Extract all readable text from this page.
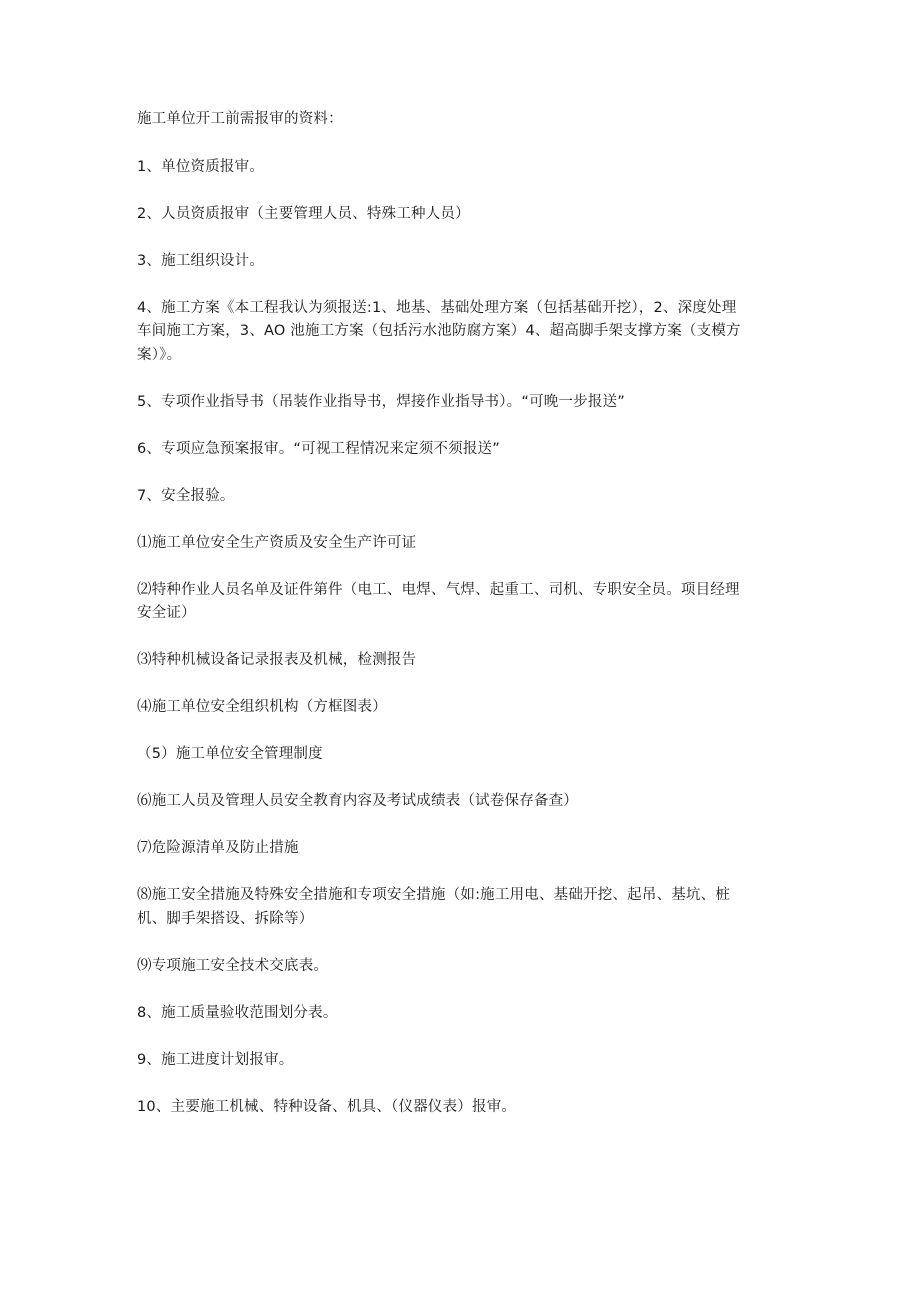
施工单位开工前需报审的资料：

1、单位资质报审。

2、人员资质报审（主要管理人员、特殊工种人员）

3、施工组织设计。

4、施工方案《本工程我认为须报送:1、地基、基础处理方案（包括基础开挖），2、深度处理车间施工方案，3、AO 池施工方案（包括污水池防腐方案）4、超高脚手架支撑方案（支模方案）》。

5、专项作业指导书（吊装作业指导书，焊接作业指导书）。“可晚一步报送”

6、专项应急预案报审。“可视工程情况来定须不须报送”

7、安全报验。

⑴施工单位安全生产资质及安全生产许可证

⑵特种作业人员名单及证件第件（电工、电焊、气焊、起重工、司机、专职安全员。项目经理安全证）

⑶特种机械设备记录报表及机械，检测报告

⑷施工单位安全组织机构（方框图表）

（5）施工单位安全管理制度

⑹施工人员及管理人员安全教育内容及考试成绩表（试卷保存备查）

⑺危险源清单及防止措施

⑻施工安全措施及特殊安全措施和专项安全措施（如:施工用电、基础开挖、起吊、基坑、桩机、脚手架搭设、拆除等）

⑼专项施工安全技术交底表。

8、施工质量验收范围划分表。

9、施工进度计划报审。

10、主要施工机械、特种设备、机具、（仪器仪表）报审。
